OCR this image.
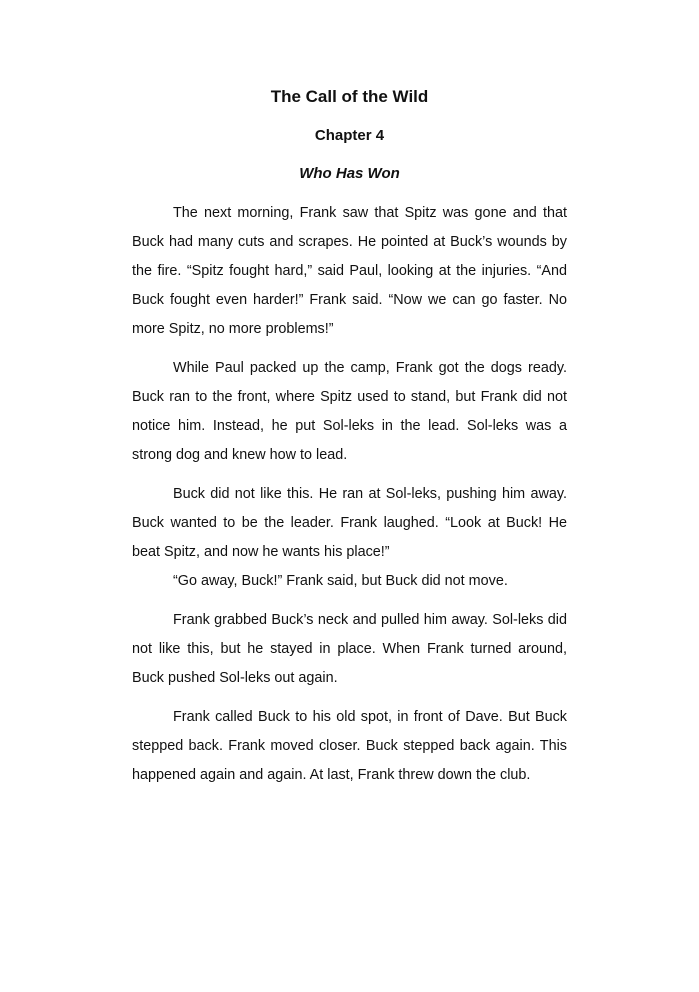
The Call of the Wild
Chapter 4
Who Has Won

The next morning, Frank saw that Spitz was gone and that Buck had many cuts and scrapes. He pointed at Buck’s wounds by the fire. “Spitz fought hard,” said Paul, looking at the injuries. “And Buck fought even harder!” Frank said. “Now we can go faster. No more Spitz, no more problems!”

While Paul packed up the camp, Frank got the dogs ready. Buck ran to the front, where Spitz used to stand, but Frank did not notice him. Instead, he put Sol-leks in the lead. Sol-leks was a strong dog and knew how to lead.

Buck did not like this. He ran at Sol-leks, pushing him away. Buck wanted to be the leader. Frank laughed. “Look at Buck! He beat Spitz, and now he wants his place!”

“Go away, Buck!” Frank said, but Buck did not move.

Frank grabbed Buck’s neck and pulled him away. Sol-leks did not like this, but he stayed in place. When Frank turned around, Buck pushed Sol-leks out again.

Frank called Buck to his old spot, in front of Dave. But Buck stepped back. Frank moved closer. Buck stepped back again. This happened again and again. At last, Frank threw down the club.
